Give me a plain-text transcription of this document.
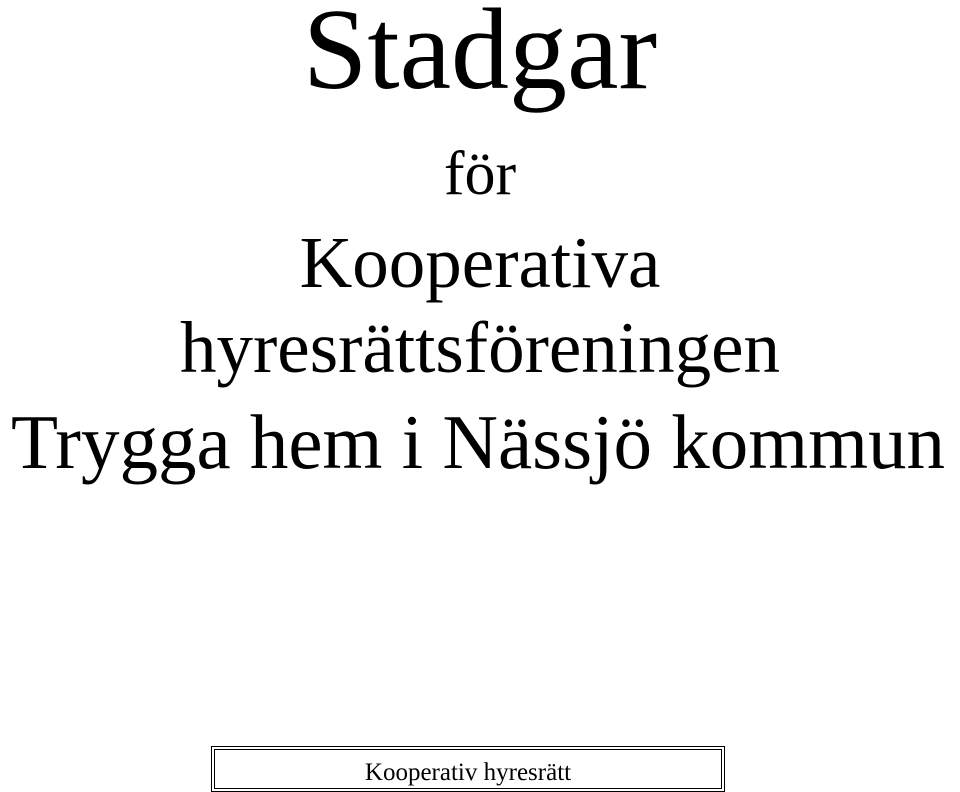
Stadgar
för
Kooperativa
hyresrättsföreningen
Trygga hem i Nässjö kommun
Kooperativ hyresrätt
